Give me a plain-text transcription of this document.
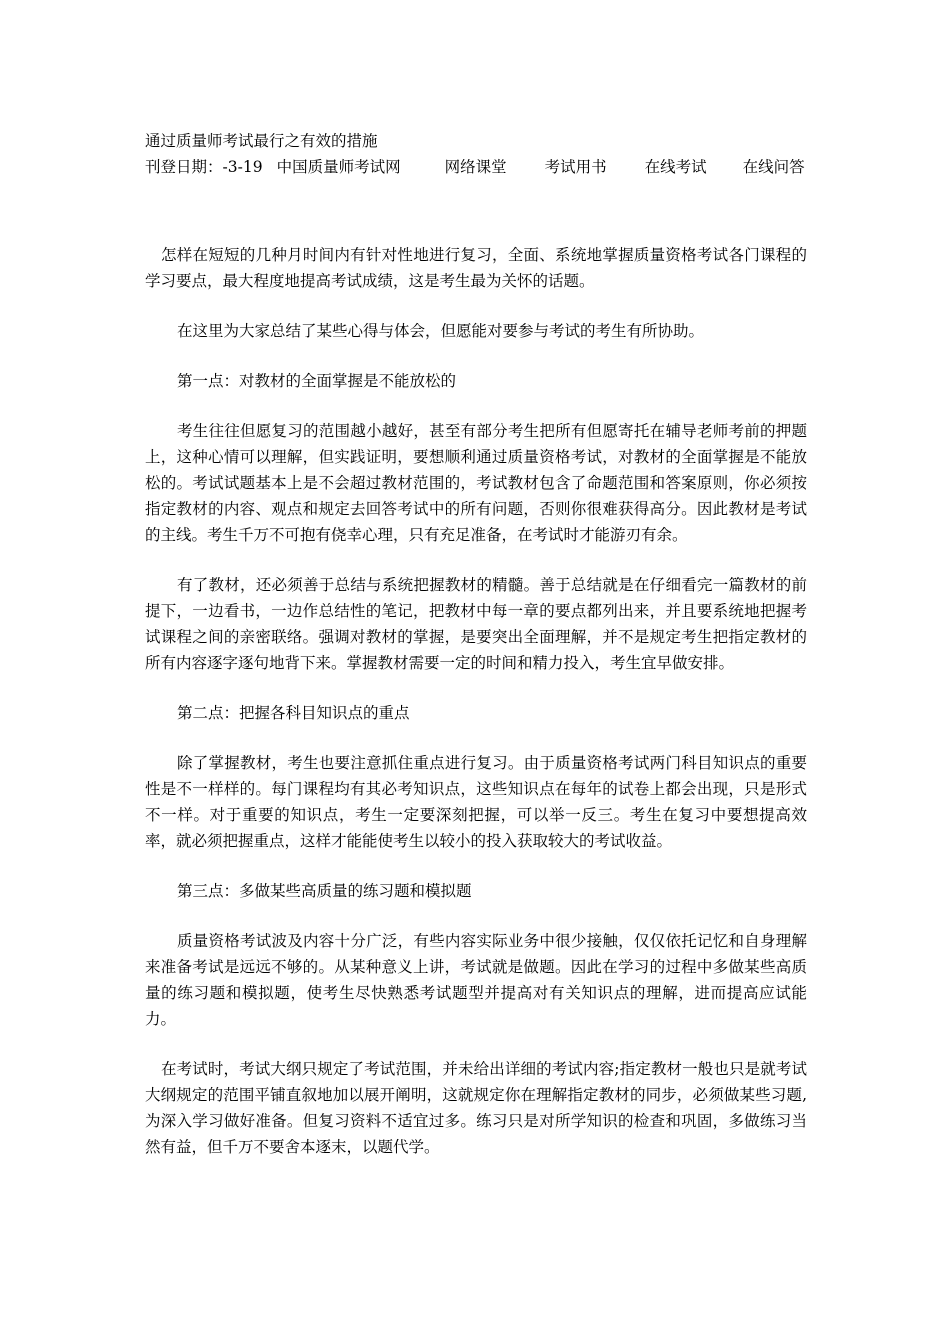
通过质量师考试最行之有效的措施

刊登日期：-3-19 中国质量师考试网	网络课堂 考试用书 在线考试 在线问答

怎样在短短的几种月时间内有针对性地进行复习，全面、系统地掌握质量资格考试各门课程的学习要点，最大程度地提高考试成绩，这是考生最为关怀的话题。

在这里为大家总结了某些心得与体会，但愿能对要参与考试的考生有所协助。

第一点：对教材的全面掌握是不能放松的

考生往往但愿复习的范围越小越好，甚至有部分考生把所有但愿寄托在辅导老师考前的押题上，这种心情可以理解，但实践证明，要想顺利通过质量资格考试，对教材的全面掌握是不能放松的。考试试题基本上是不会超过教材范围的，考试教材包含了命题范围和答案原则，你必须按指定教材的内容、观点和规定去回答考试中的所有问题，否则你很难获得高分。因此教材是考试的主线。考生千万不可抱有侥幸心理，只有充足准备，在考试时才能游刃有余。

有了教材，还必须善于总结与系统把握教材的精髓。善于总结就是在仔细看完一篇教材的前提下，一边看书，一边作总结性的笔记，把教材中每一章的要点都列出来，并且要系统地把握考试课程之间的亲密联络。强调对教材的掌握，是要突出全面理解，并不是规定考生把指定教材的所有内容逐字逐句地背下来。掌握教材需要一定的时间和精力投入，考生宜早做安排。

第二点：把握各科目知识点的重点

除了掌握教材，考生也要注意抓住重点进行复习。由于质量资格考试两门科目知识点的重要性是不一样样的。每门课程均有其必考知识点，这些知识点在每年的试卷上都会出现，只是形式不一样。对于重要的知识点，考生一定要深刻把握，可以举一反三。考生在复习中要想提高效率，就必须把握重点，这样才能能使考生以较小的投入获取较大的考试收益。

第三点：多做某些高质量的练习题和模拟题

质量资格考试波及内容十分广泛，有些内容实际业务中很少接触，仅仅依托记忆和自身理解来准备考试是远远不够的。从某种意义上讲，考试就是做题。因此在学习的过程中多做某些高质量的练习题和模拟题，使考生尽快熟悉考试题型并提高对有关知识点的理解，进而提高应试能力。

在考试时，考试大纲只规定了考试范围，并未给出详细的考试内容;指定教材一般也只是就考试大纲规定的范围平铺直叙地加以展开阐明，这就规定你在理解指定教材的同步，必须做某些习题,为深入学习做好准备。但复习资料不适宜过多。练习只是对所学知识的检查和巩固，多做练习当然有益，但千万不要舍本逐末，以题代学。
